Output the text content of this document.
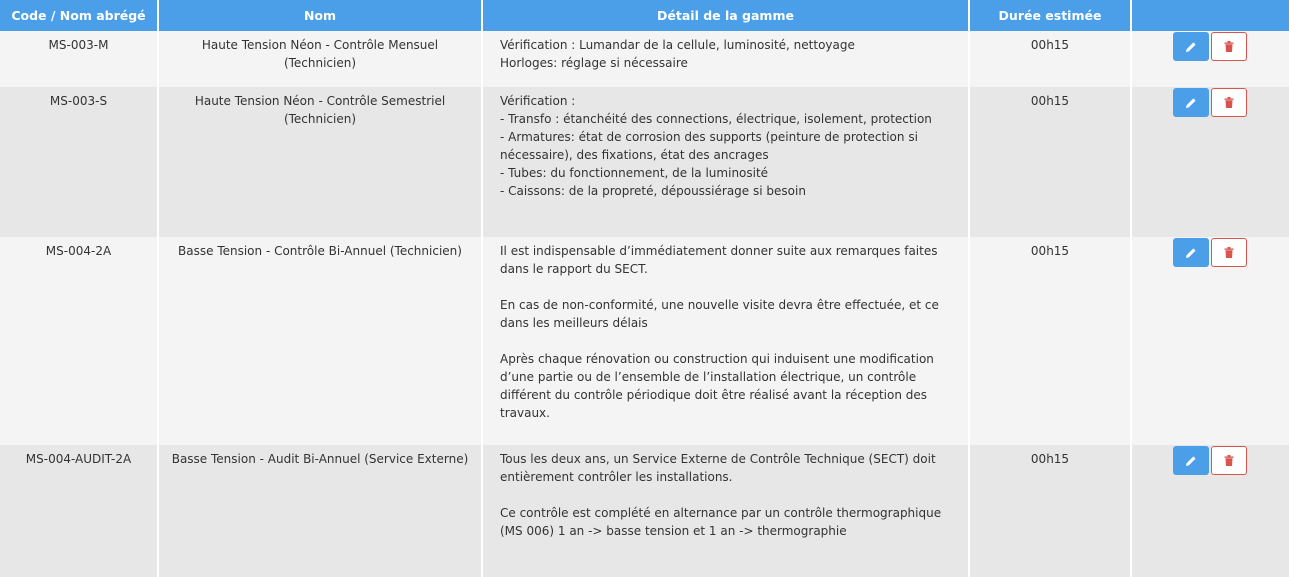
Code / Nom abrégé	Nom	Détail de la gamme	Durée estimée	
MS-003-M	Haute Tension Néon - Contrôle Mensuel (Technicien)	Vérification : Lumandar de la cellule, luminosité, nettoyage
Horloges: réglage si nécessaire	00h15	
MS-003-S	Haute Tension Néon - Contrôle Semestriel (Technicien)	Vérification :
- Transfo : étanchéité des connections, électrique, isolement, protection
- Armatures: état de corrosion des supports (peinture de protection si nécessaire), des fixations, état des ancrages
- Tubes: du fonctionnement, de la luminosité
- Caissons: de la propreté, dépoussiérage si besoin	00h15	
MS-004-2A	Basse Tension - Contrôle Bi-Annuel (Technicien)	Il est indispensable d’immédiatement donner suite aux remarques faites dans le rapport du SECT.

En cas de non-conformité, une nouvelle visite devra être effectuée, et ce dans les meilleurs délais

Après chaque rénovation ou construction qui induisent une modification d’une partie ou de l’ensemble de l’installation électrique, un contrôle différent du contrôle périodique doit être réalisé avant la réception des travaux.	00h15	
MS-004-AUDIT-2A	Basse Tension - Audit Bi-Annuel (Service Externe)	Tous les deux ans, un Service Externe de Contrôle Technique (SECT) doit entièrement contrôler les installations.

Ce contrôle est complété en alternance par un contrôle thermographique (MS 006) 1 an -> basse tension et 1 an -> thermographie	00h15	
